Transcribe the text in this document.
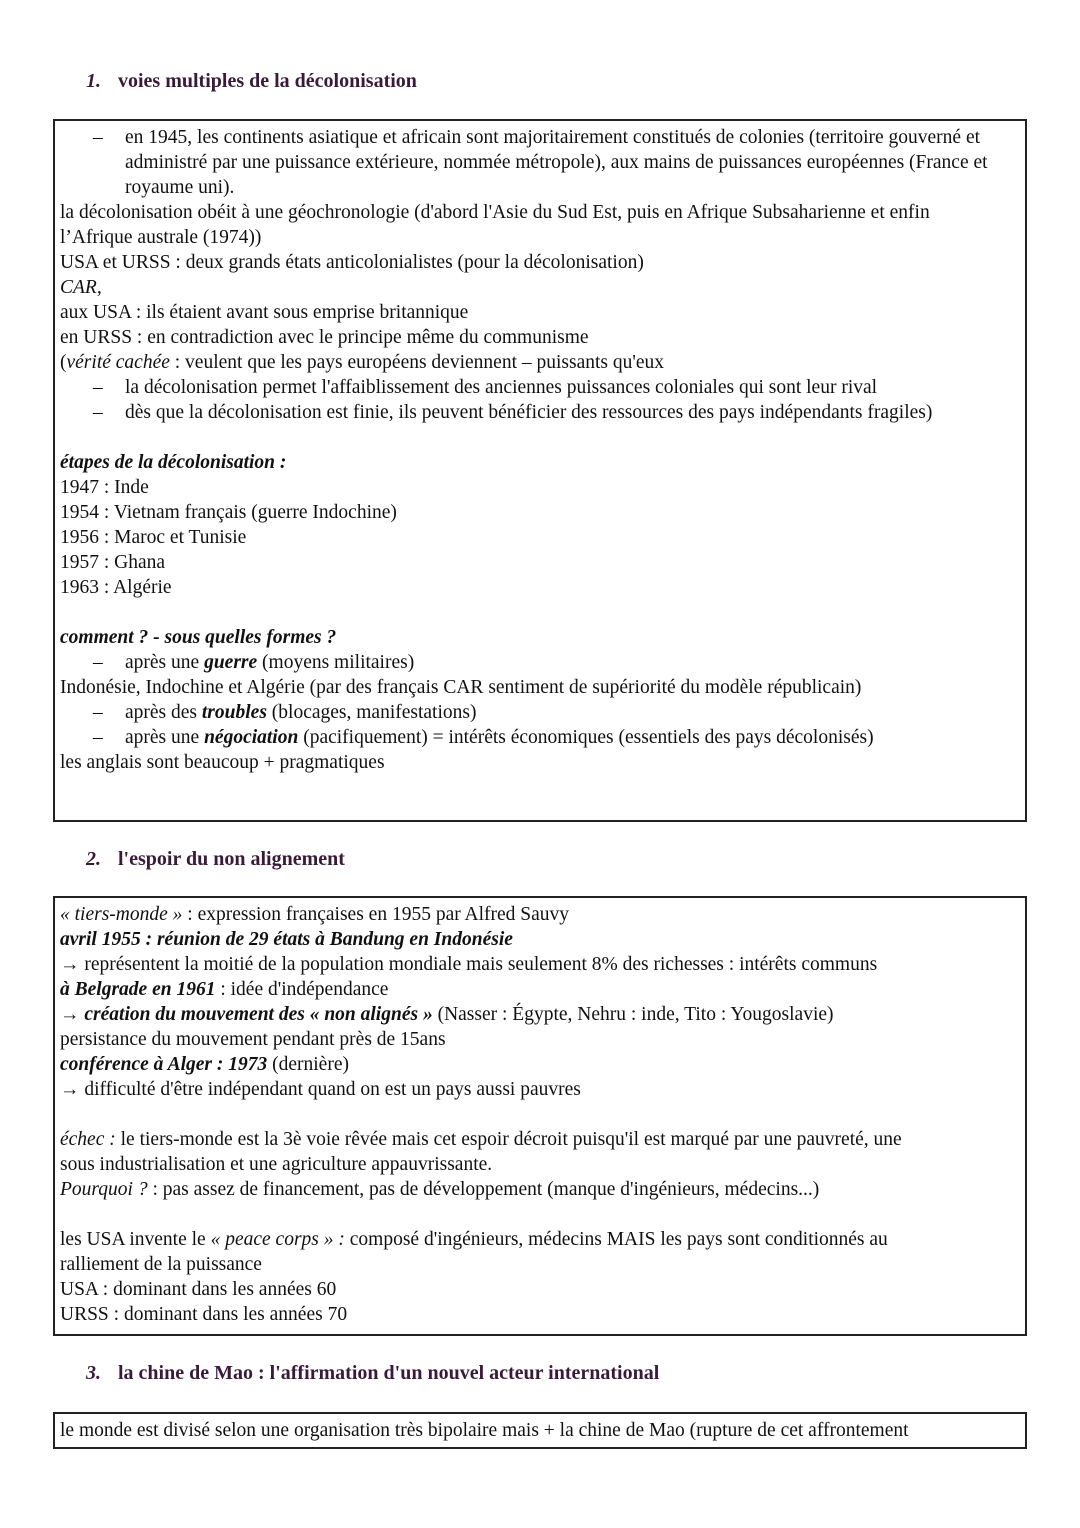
1. voies multiples de la décolonisation
–	en 1945, les continents asiatique et africain sont majoritairement constitués de colonies (territoire gouverné et administré par une puissance extérieure, nommée métropole), aux mains de puissances européennes (France et royaume uni).
la décolonisation obéit à une géochronologie (d'abord l'Asie du Sud Est, puis en Afrique Subsaharienne et enfin l’Afrique australe (1974))
USA et URSS : deux grands états anticolonialistes (pour la décolonisation)
CAR,
aux USA : ils étaient avant sous emprise britannique
en URSS : en contradiction avec le principe même du communisme
(vérité cachée : veulent que les pays européens deviennent – puissants qu'eux
–	la décolonisation permet l'affaiblissement des anciennes puissances coloniales qui sont leur rival
–	dès que la décolonisation est finie, ils peuvent bénéficier des ressources des pays indépendants fragiles)
étapes de la décolonisation :
1947 : Inde
1954 : Vietnam français (guerre Indochine)
1956 : Maroc et Tunisie
1957 : Ghana
1963 : Algérie
comment ? - sous quelles formes ?
–	après une guerre (moyens militaires)
Indonésie, Indochine et Algérie (par des français CAR sentiment de supériorité du modèle républicain)
–	après des troubles (blocages, manifestations)
–	après une négociation (pacifiquement) = intérêts économiques (essentiels des pays décolonisés)
les anglais sont beaucoup + pragmatiques
2. l'espoir du non alignement
« tiers-monde » : expression françaises en 1955 par Alfred Sauvy
avril 1955 : réunion de 29 états à Bandung en Indonésie
→ représentent la moitié de la population mondiale mais seulement 8% des richesses : intérêts communs
à Belgrade en 1961 : idée d'indépendance
→ création du mouvement des « non alignés » (Nasser : Égypte, Nehru : inde, Tito : Yougoslavie)
persistance du mouvement pendant près de 15ans
conférence à Alger : 1973 (dernière)
→ difficulté d'être indépendant quand on est un pays aussi pauvres
échec : le tiers-monde est la 3è voie rêvée mais cet espoir décroit puisqu'il est marqué par une pauvreté, une
sous industrialisation et une agriculture appauvrissante.
Pourquoi ? : pas assez de financement, pas de développement (manque d'ingénieurs, médecins...)
les USA invente le « peace corps » : composé d'ingénieurs, médecins MAIS les pays sont conditionnés au
ralliement de la puissance
USA : dominant dans les années 60
URSS : dominant dans les années 70
3. la chine de Mao : l'affirmation d'un nouvel acteur international
le monde est divisé selon une organisation très bipolaire mais + la chine de Mao (rupture de cet affrontement
